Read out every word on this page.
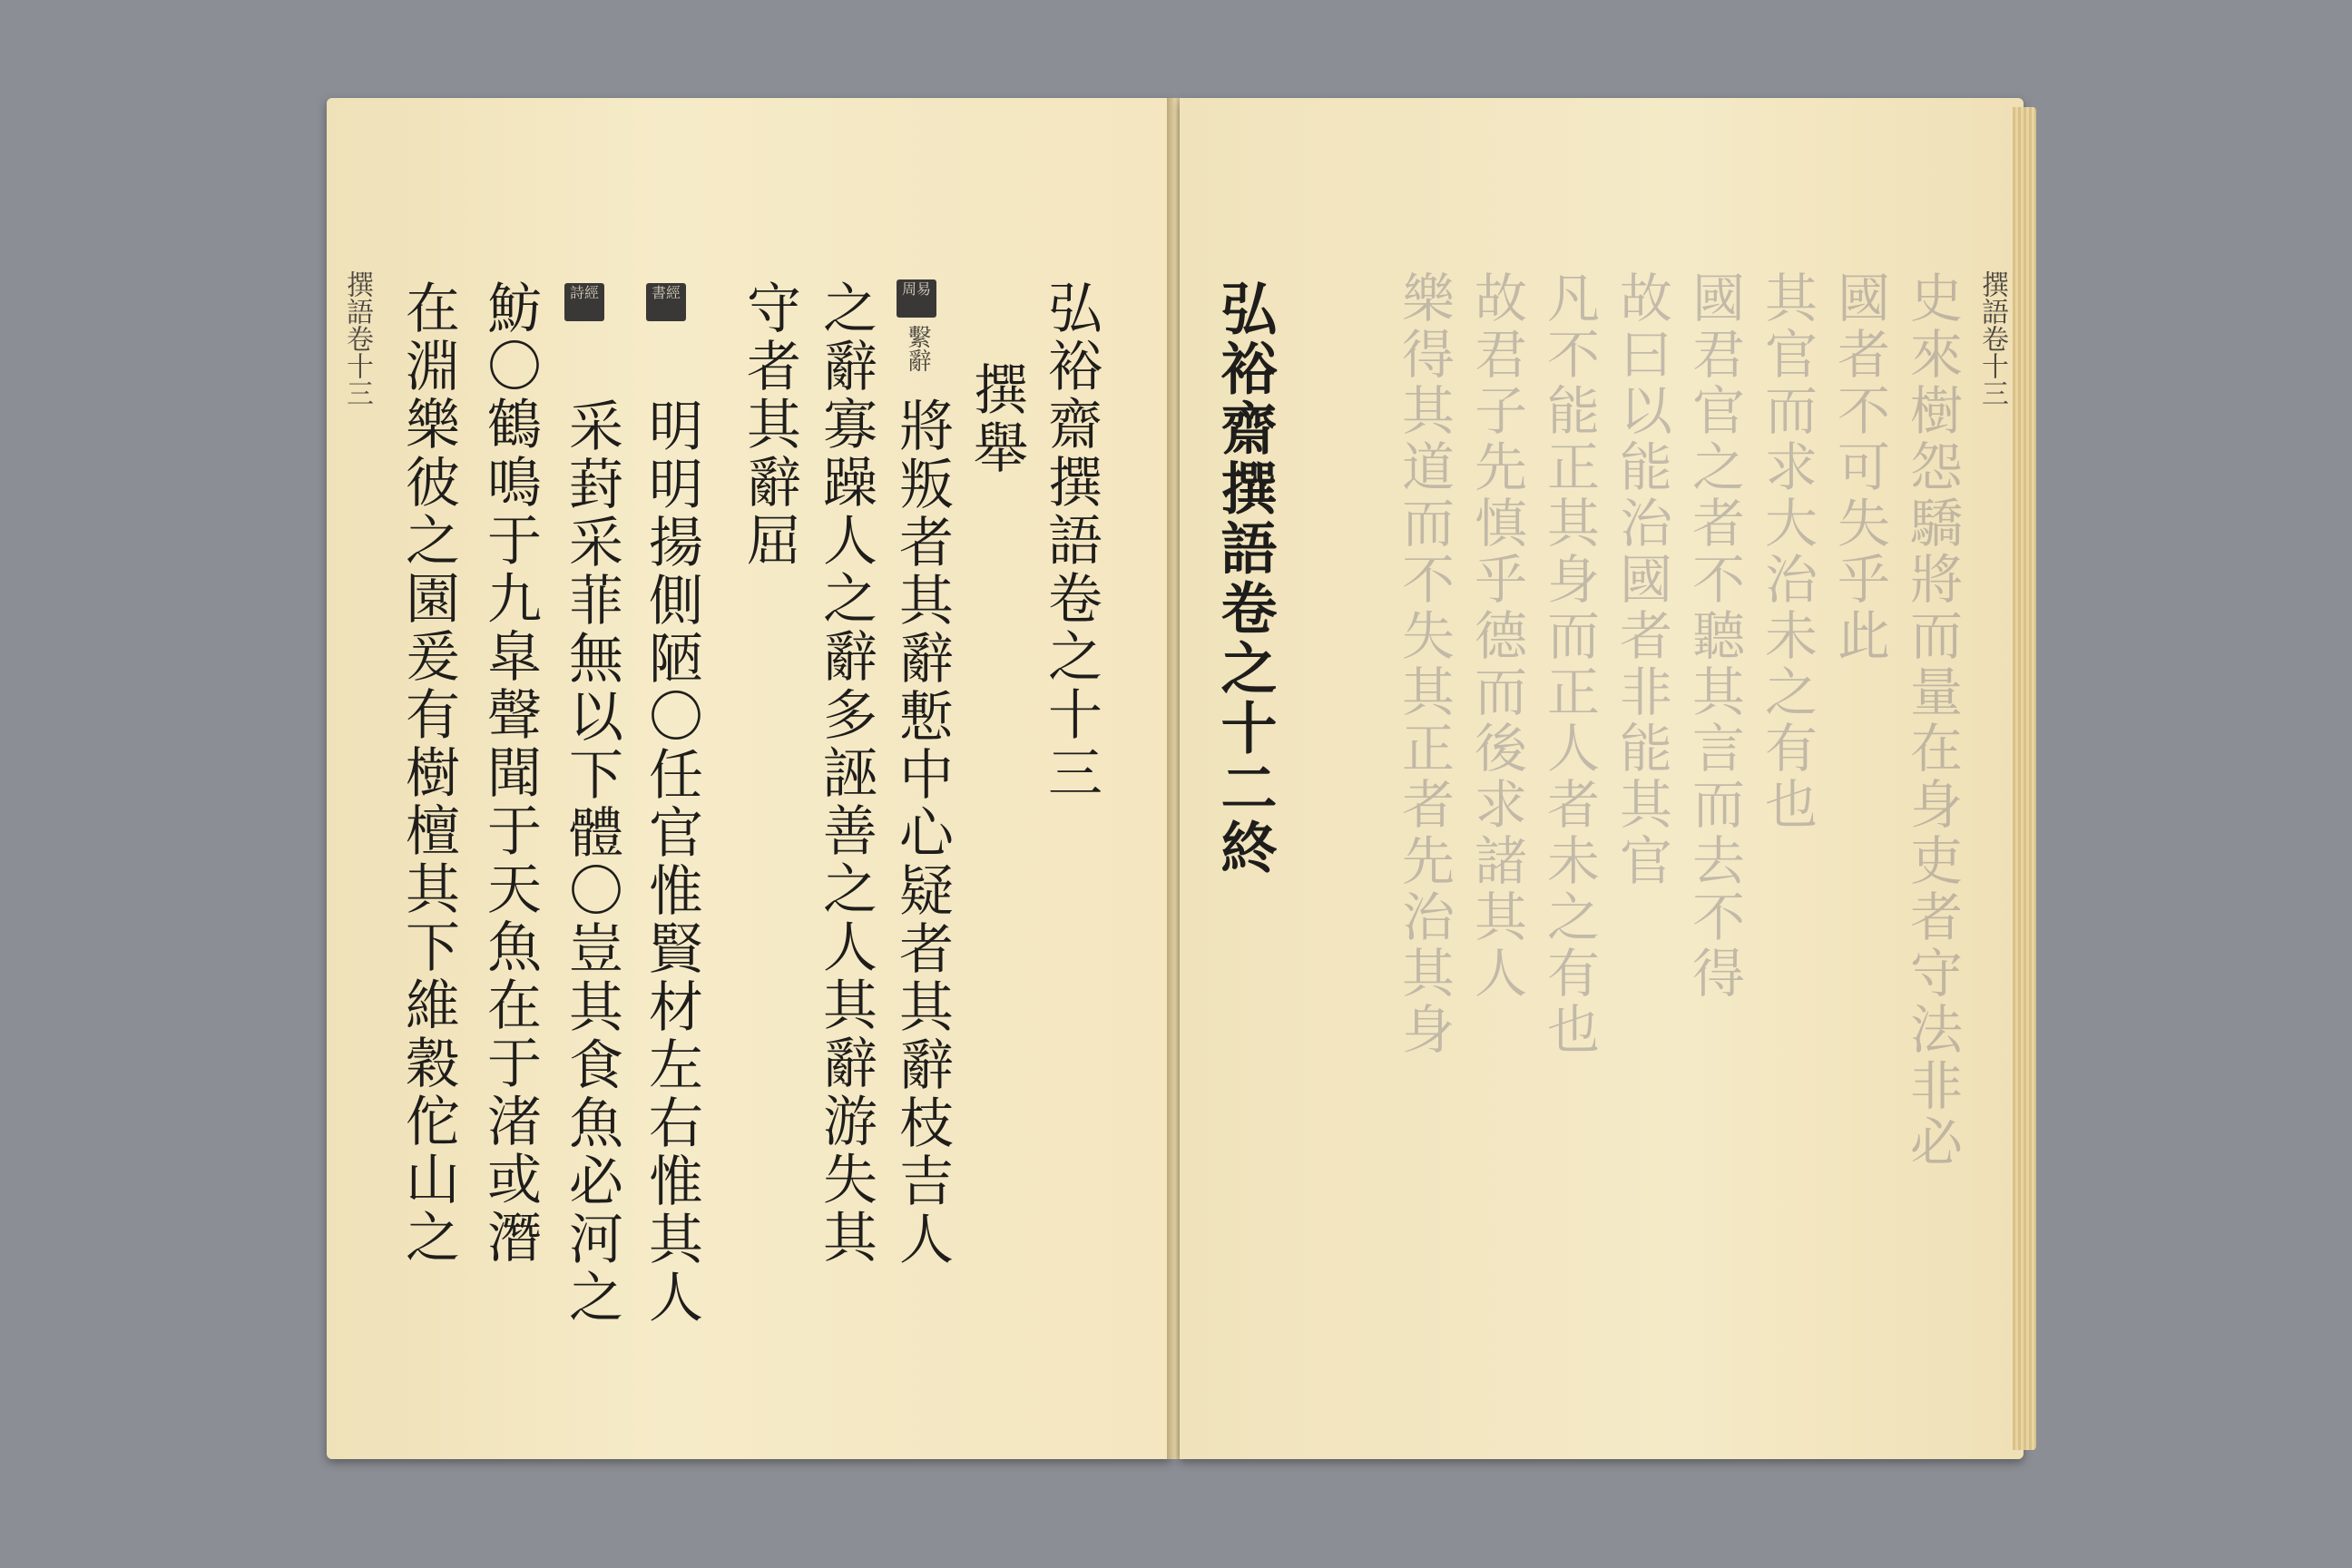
撰語卷十三	弘裕齋撰語卷之十三
撰舉
將叛者其辭慙中心疑者其辭枝吉人
之辭寡躁人之辭多誣善之人其辭游失其
守者其辭屈
明明揚側陋〇任官惟賢材左右惟其人
采葑采菲無以下體〇豈其食魚必河之
魴〇鶴鳴于九皐聲聞于天魚在于渚或潛
在淵樂彼之園爰有樹檀其下維穀佗山之	周易
繫辭
書經
詩經	史來樹怨驕將而量在身吏者守法非必
國者不可失乎此
其官而求大治未之有也
國君官之者不聽其言而去不得
故曰以能治國者非能其官
凡不能正其身而正人者未之有也
故君子先慎乎德而後求諸其人
樂得其道而不失其正者先治其身
弘裕齋撰語卷之十二終	撰語卷十三
